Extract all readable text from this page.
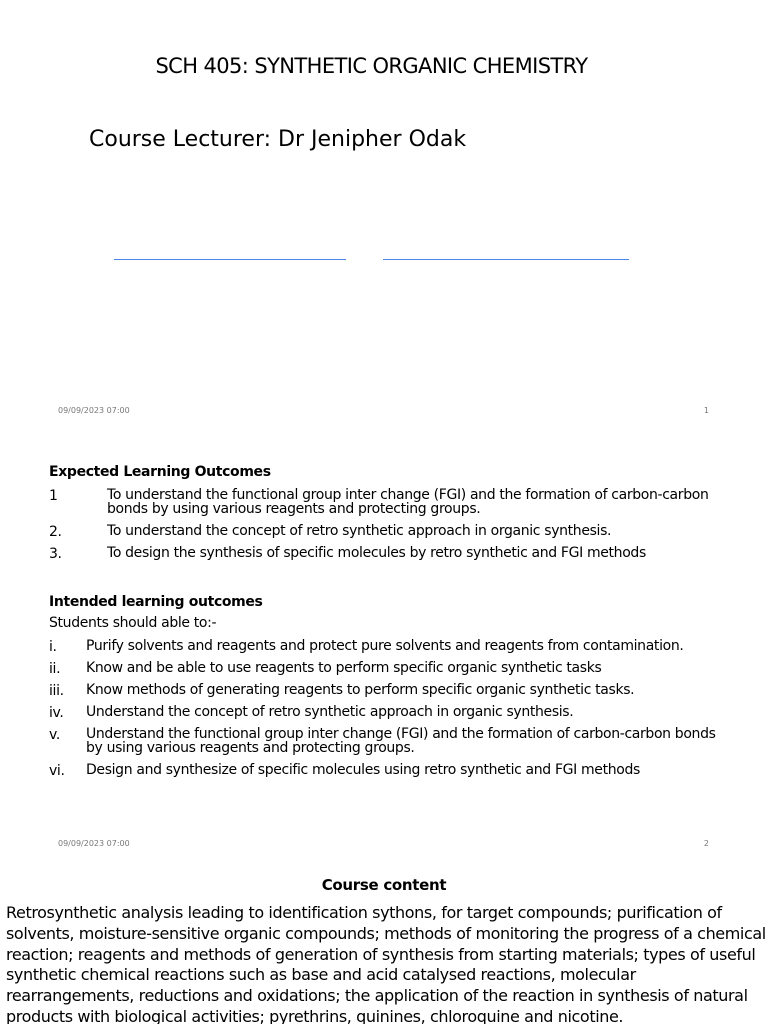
SCH 405: SYNTHETIC ORGANIC CHEMISTRY
Course Lecturer: Dr Jenipher Odak
09/09/2023 07:00	1
Expected Learning Outcomes
1	To understand the functional group inter change (FGI) and the formation of carbon-carbon bonds by using various reagents and protecting groups.
2.	To understand the concept of retro synthetic approach in organic synthesis.
3.	To design the synthesis of specific molecules by retro synthetic and FGI methods
Intended learning outcomes
Students should able to:-
i. Purify solvents and reagents and protect pure solvents and reagents from contamination.
ii. Know and be able to use reagents to perform specific organic synthetic tasks
iii. Know methods of generating reagents to perform specific organic synthetic tasks.
iv. Understand the concept of retro synthetic approach in organic synthesis.
v. Understand the functional group inter change (FGI) and the formation of carbon-carbon bonds by using various reagents and protecting groups.
vi. Design and synthesize of specific molecules using retro synthetic and FGI methods
09/09/2023 07:00	2
Course content
Retrosynthetic analysis leading to identification sythons, for target compounds; purification of solvents, moisture-sensitive organic compounds; methods of monitoring the progress of a chemical reaction; reagents and methods of generation of synthesis from starting materials; types of useful synthetic chemical reactions such as base and acid catalysed reactions, molecular rearrangements, reductions and oxidations; the application of the reaction in synthesis of natural products with biological activities; pyrethrins, quinines, chloroquine and nicotine.
